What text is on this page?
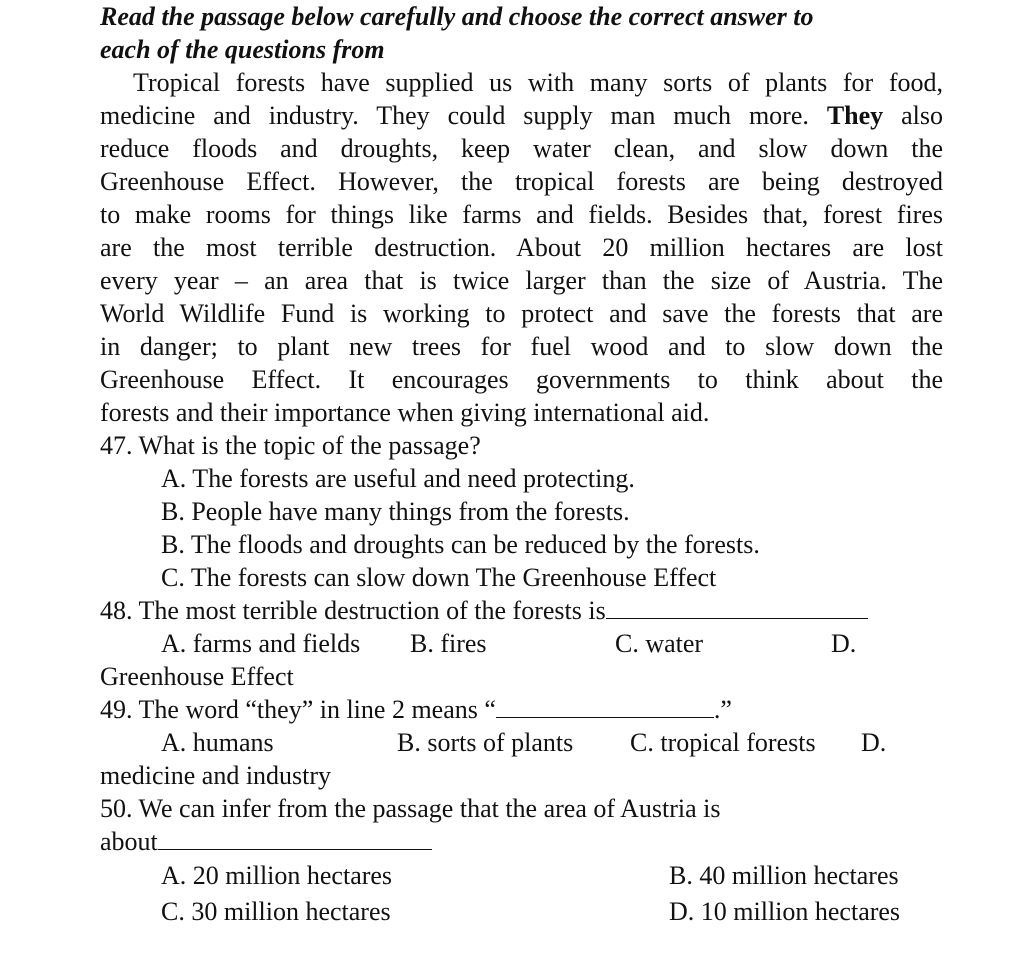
Read the passage below carefully and choose the correct answer to
each of the questions from
Tropical forests have supplied us with many sorts of plants for food,
medicine and industry. They could supply man much more. They also
reduce floods and droughts, keep water clean, and slow down the
Greenhouse Effect. However, the tropical forests are being destroyed
to make rooms for things like farms and fields. Besides that, forest fires
are the most terrible destruction. About 20 million hectares are lost
every year – an area that is twice larger than the size of Austria. The
World Wildlife Fund is working to protect and save the forests that are
in danger; to plant new trees for fuel wood and to slow down the
Greenhouse Effect. It encourages governments to think about the
forests and their importance when giving international aid.
47. What is the topic of the passage?
A. The forests are useful and need protecting.
B. People have many things from the forests.
B. The floods and droughts can be reduced by the forests.
C. The forests can slow down The Greenhouse Effect
48. The most terrible destruction of the forests is
A. farms and fields B. fires	C. water	D.
Greenhouse Effect
49. The word “they” in line 2 means “	.”
A. humans	B. sorts of plants C. tropical forests D.
medicine and industry
50. We can infer from the passage that the area of Austria is
about
A. 20 million hectares	B. 40 million hectares
C. 30 million hectares	D. 10 million hectares
